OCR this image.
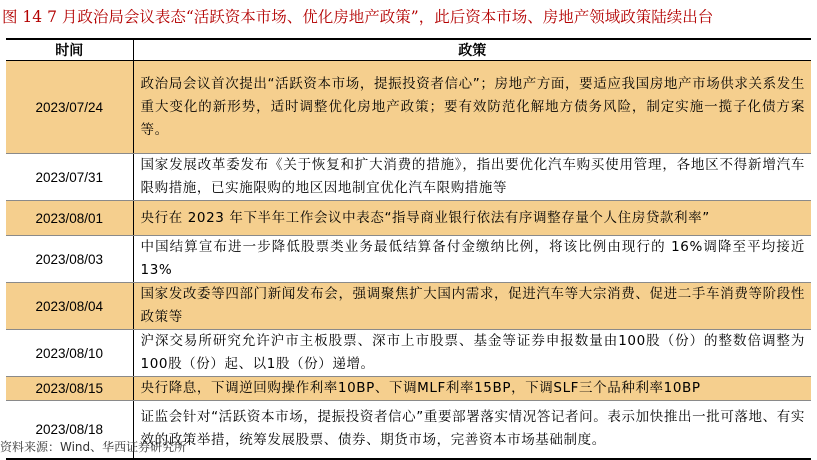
图 14 7 月政治局会议表态“活跃资本市场、优化房地产政策”，此后资本市场、房地产领域政策陆续出台
时间	政策
2023/07/24	政治局会议首次提出“活跃资本市场，提振投资者信心”；房地产方面，要适应我国房地产市场供求关系发生重大变化的新形势，适时调整优化房地产政策；要有效防范化解地方债务风险，制定实施一揽子化债方案等。
2023/07/31	国家发展改革委发布《关于恢复和扩大消费的措施》，指出要优化汽车购买使用管理，各地区不得新增汽车限购措施，已实施限购的地区因地制宜优化汽车限购措施等
2023/08/01	央行在 2023 年下半年工作会议中表态“指导商业银行依法有序调整存量个人住房贷款利率”
2023/08/03	中国结算宣布进一步降低股票类业务最低结算备付金缴纳比例，将该比例由现行的 16%调降至平均接近13%
2023/08/04	国家发改委等四部门新闻发布会，强调聚焦扩大国内需求，促进汽车等大宗消费、促进二手车消费等阶段性政策等
2023/08/10	沪深交易所研究允许沪市主板股票、深市上市股票、基金等证券申报数量由100股（份）的整数倍调整为100股（份）起、以1股（份）递增。
2023/08/15	央行降息，下调逆回购操作利率10BP、下调MLF利率15BP，下调SLF三个品种利率10BP
2023/08/18	证监会针对“活跃资本市场，提振投资者信心”重要部署落实情况答记者问。表示加快推出一批可落地、有实效的政策举措，统筹发展股票、债券、期货市场，完善资本市场基础制度。
资料来源：Wind、华西证券研究所
